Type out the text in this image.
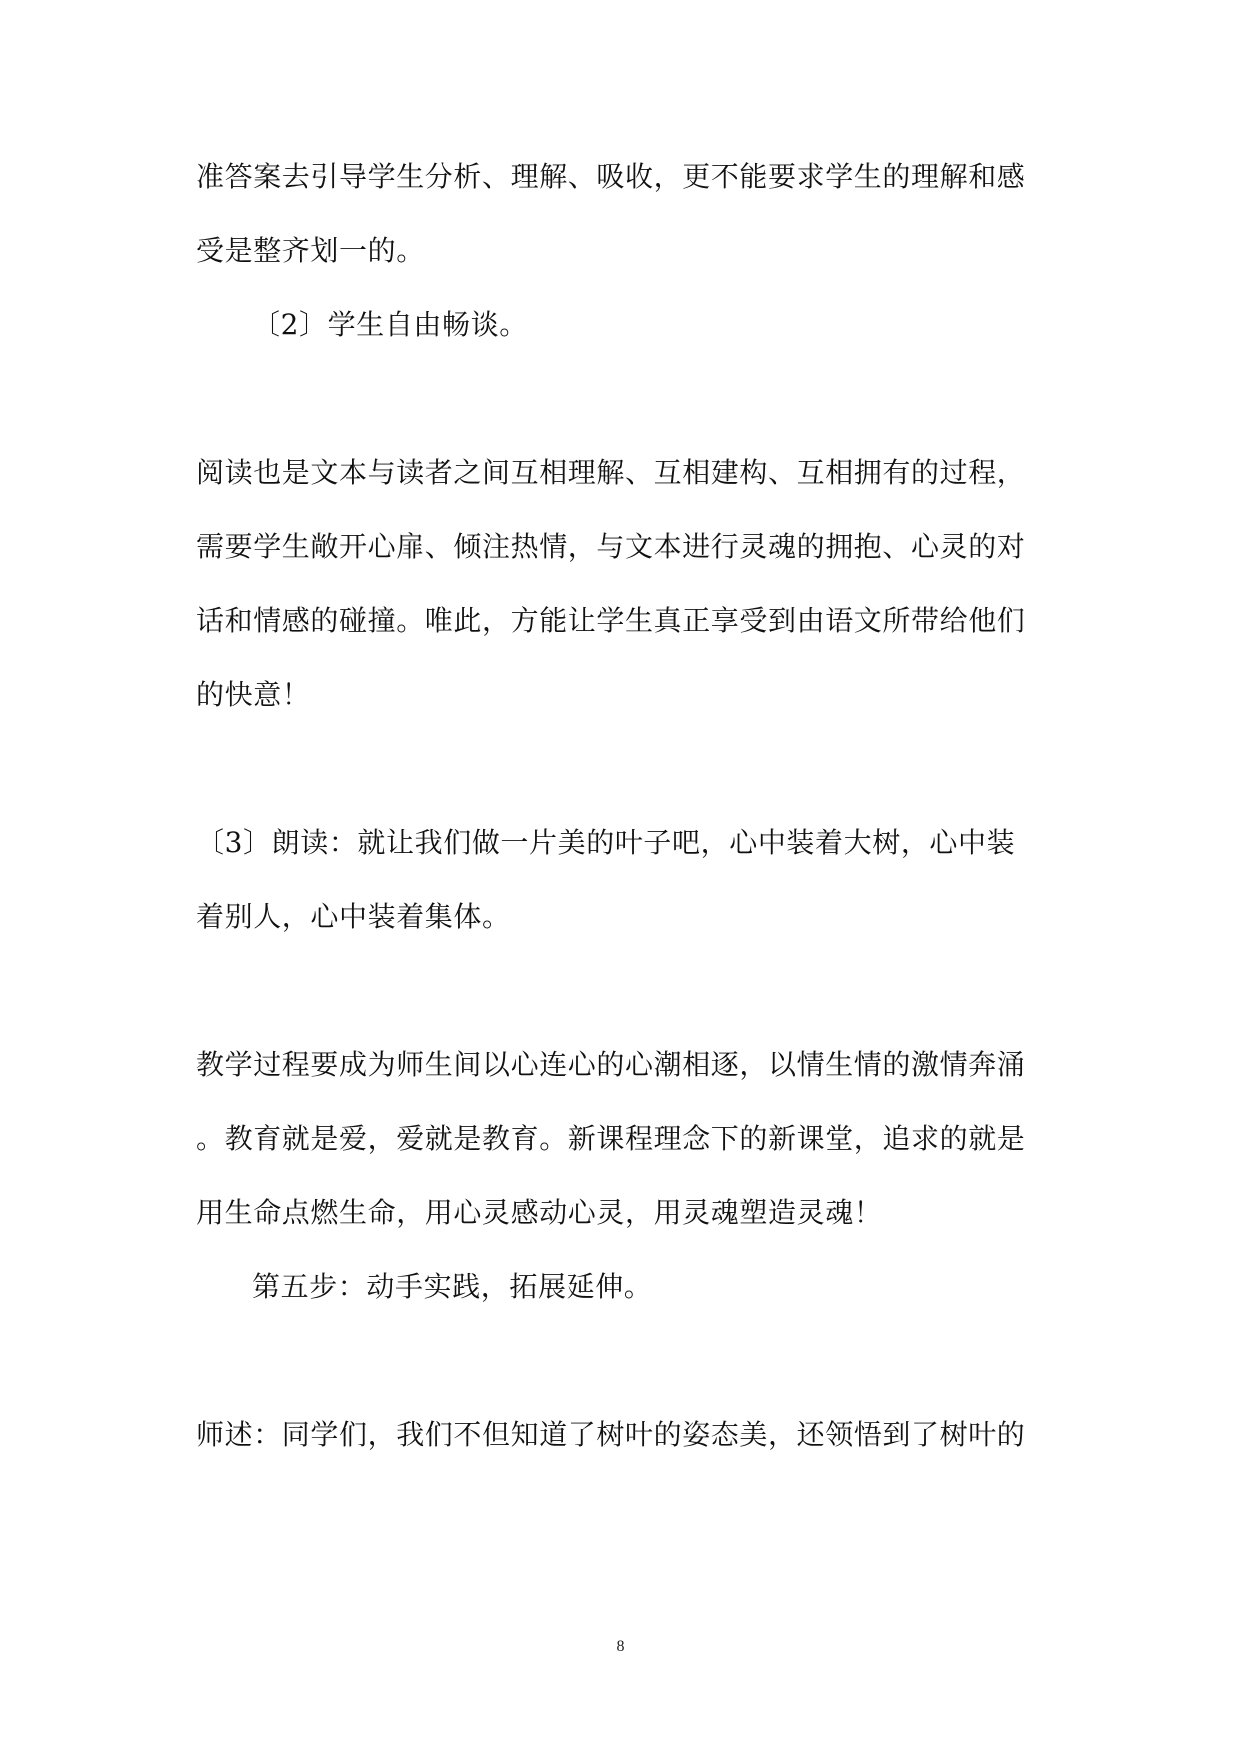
准答案去引导学生分析、理解、吸收，更不能要求学生的理解和感
受是整齐划一的。
〔2〕学生自由畅谈。
阅读也是文本与读者之间互相理解、互相建构、互相拥有的过程，
需要学生敞开心扉、倾注热情，与文本进行灵魂的拥抱、心灵的对
话和情感的碰撞。唯此，方能让学生真正享受到由语文所带给他们
的快意！
〔3〕朗读：就让我们做一片美的叶子吧，心中装着大树，心中装
着别人，心中装着集体。
教学过程要成为师生间以心连心的心潮相逐，以情生情的激情奔涌
。教育就是爱，爱就是教育。新课程理念下的新课堂，追求的就是
用生命点燃生命，用心灵感动心灵，用灵魂塑造灵魂！
第五步：动手实践，拓展延伸。
师述：同学们，我们不但知道了树叶的姿态美，还领悟到了树叶的
8
